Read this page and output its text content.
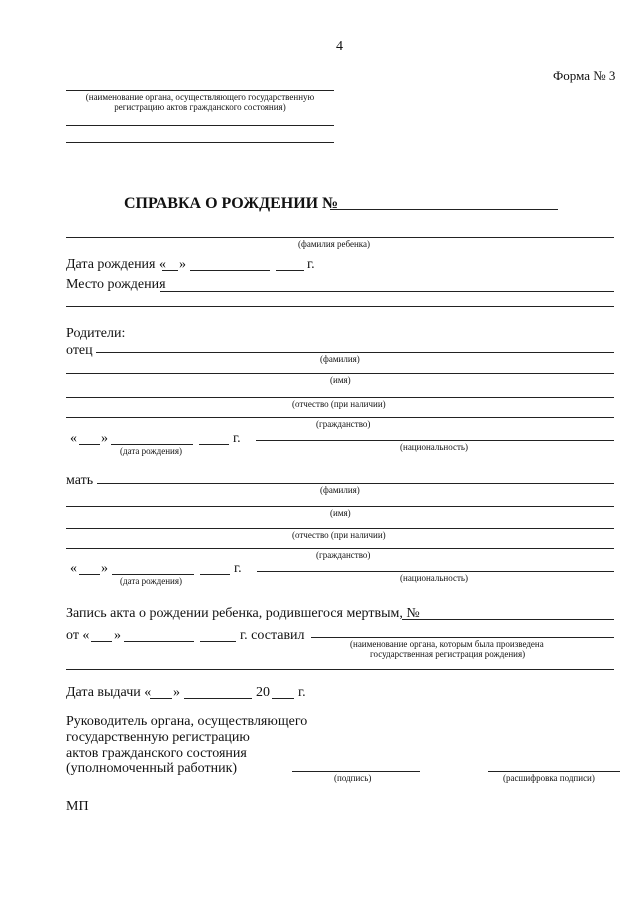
4
Форма № 3
(наименование органа, осуществляющего государственную
регистрацию актов гражданского состояния)
СПРАВКА О РОЖДЕНИИ №
(фамилия ребенка)
Дата рождения « »	г.
Место рождения
Родители:
отец
(фамилия)
(имя)
(отчество (при наличии)
(гражданство)
« »	г.
(дата рождения)	(национальность)
мать
(фамилия)
(имя)
(отчество (при наличии)
(гражданство)
« »	г.
(дата рождения)	(национальность)
Запись акта о рождении ребенка, родившегося мертвым, №
от « »	г. составил
(наименование органа, которым была произведена
государственная регистрация рождения)
Дата выдачи « »	20 г.
Руководитель органа, осуществляющего
государственную регистрацию
актов гражданского состояния
(уполномоченный работник)
(подпись)	(расшифровка подписи)
МП
